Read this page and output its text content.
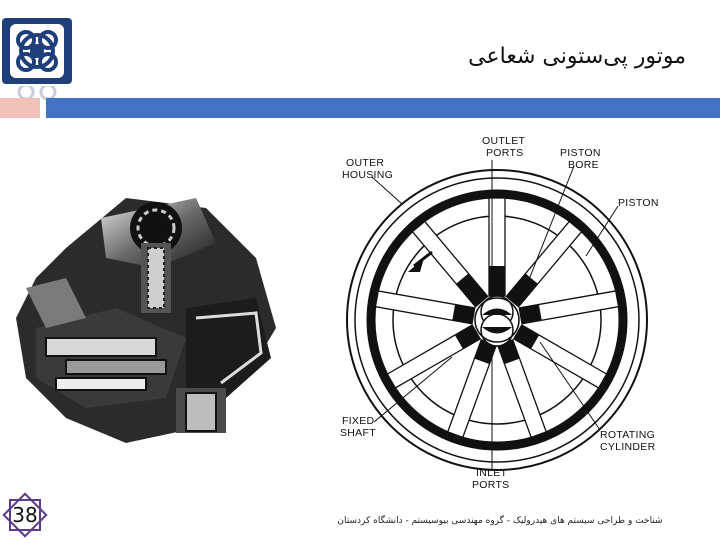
موتور پی‌ستونی شعاعی
OUTLET
PORTS
OUTER
HOUSING
PISTON
BORE
PISTON
FIXED
SHAFT	ROTATING
CYLINDER
INLET
PORTS
38	شناخت و طراحی سیستم های هیدرولیک - گروه مهندسی بیوسیستم - دانشگاه کردستان
